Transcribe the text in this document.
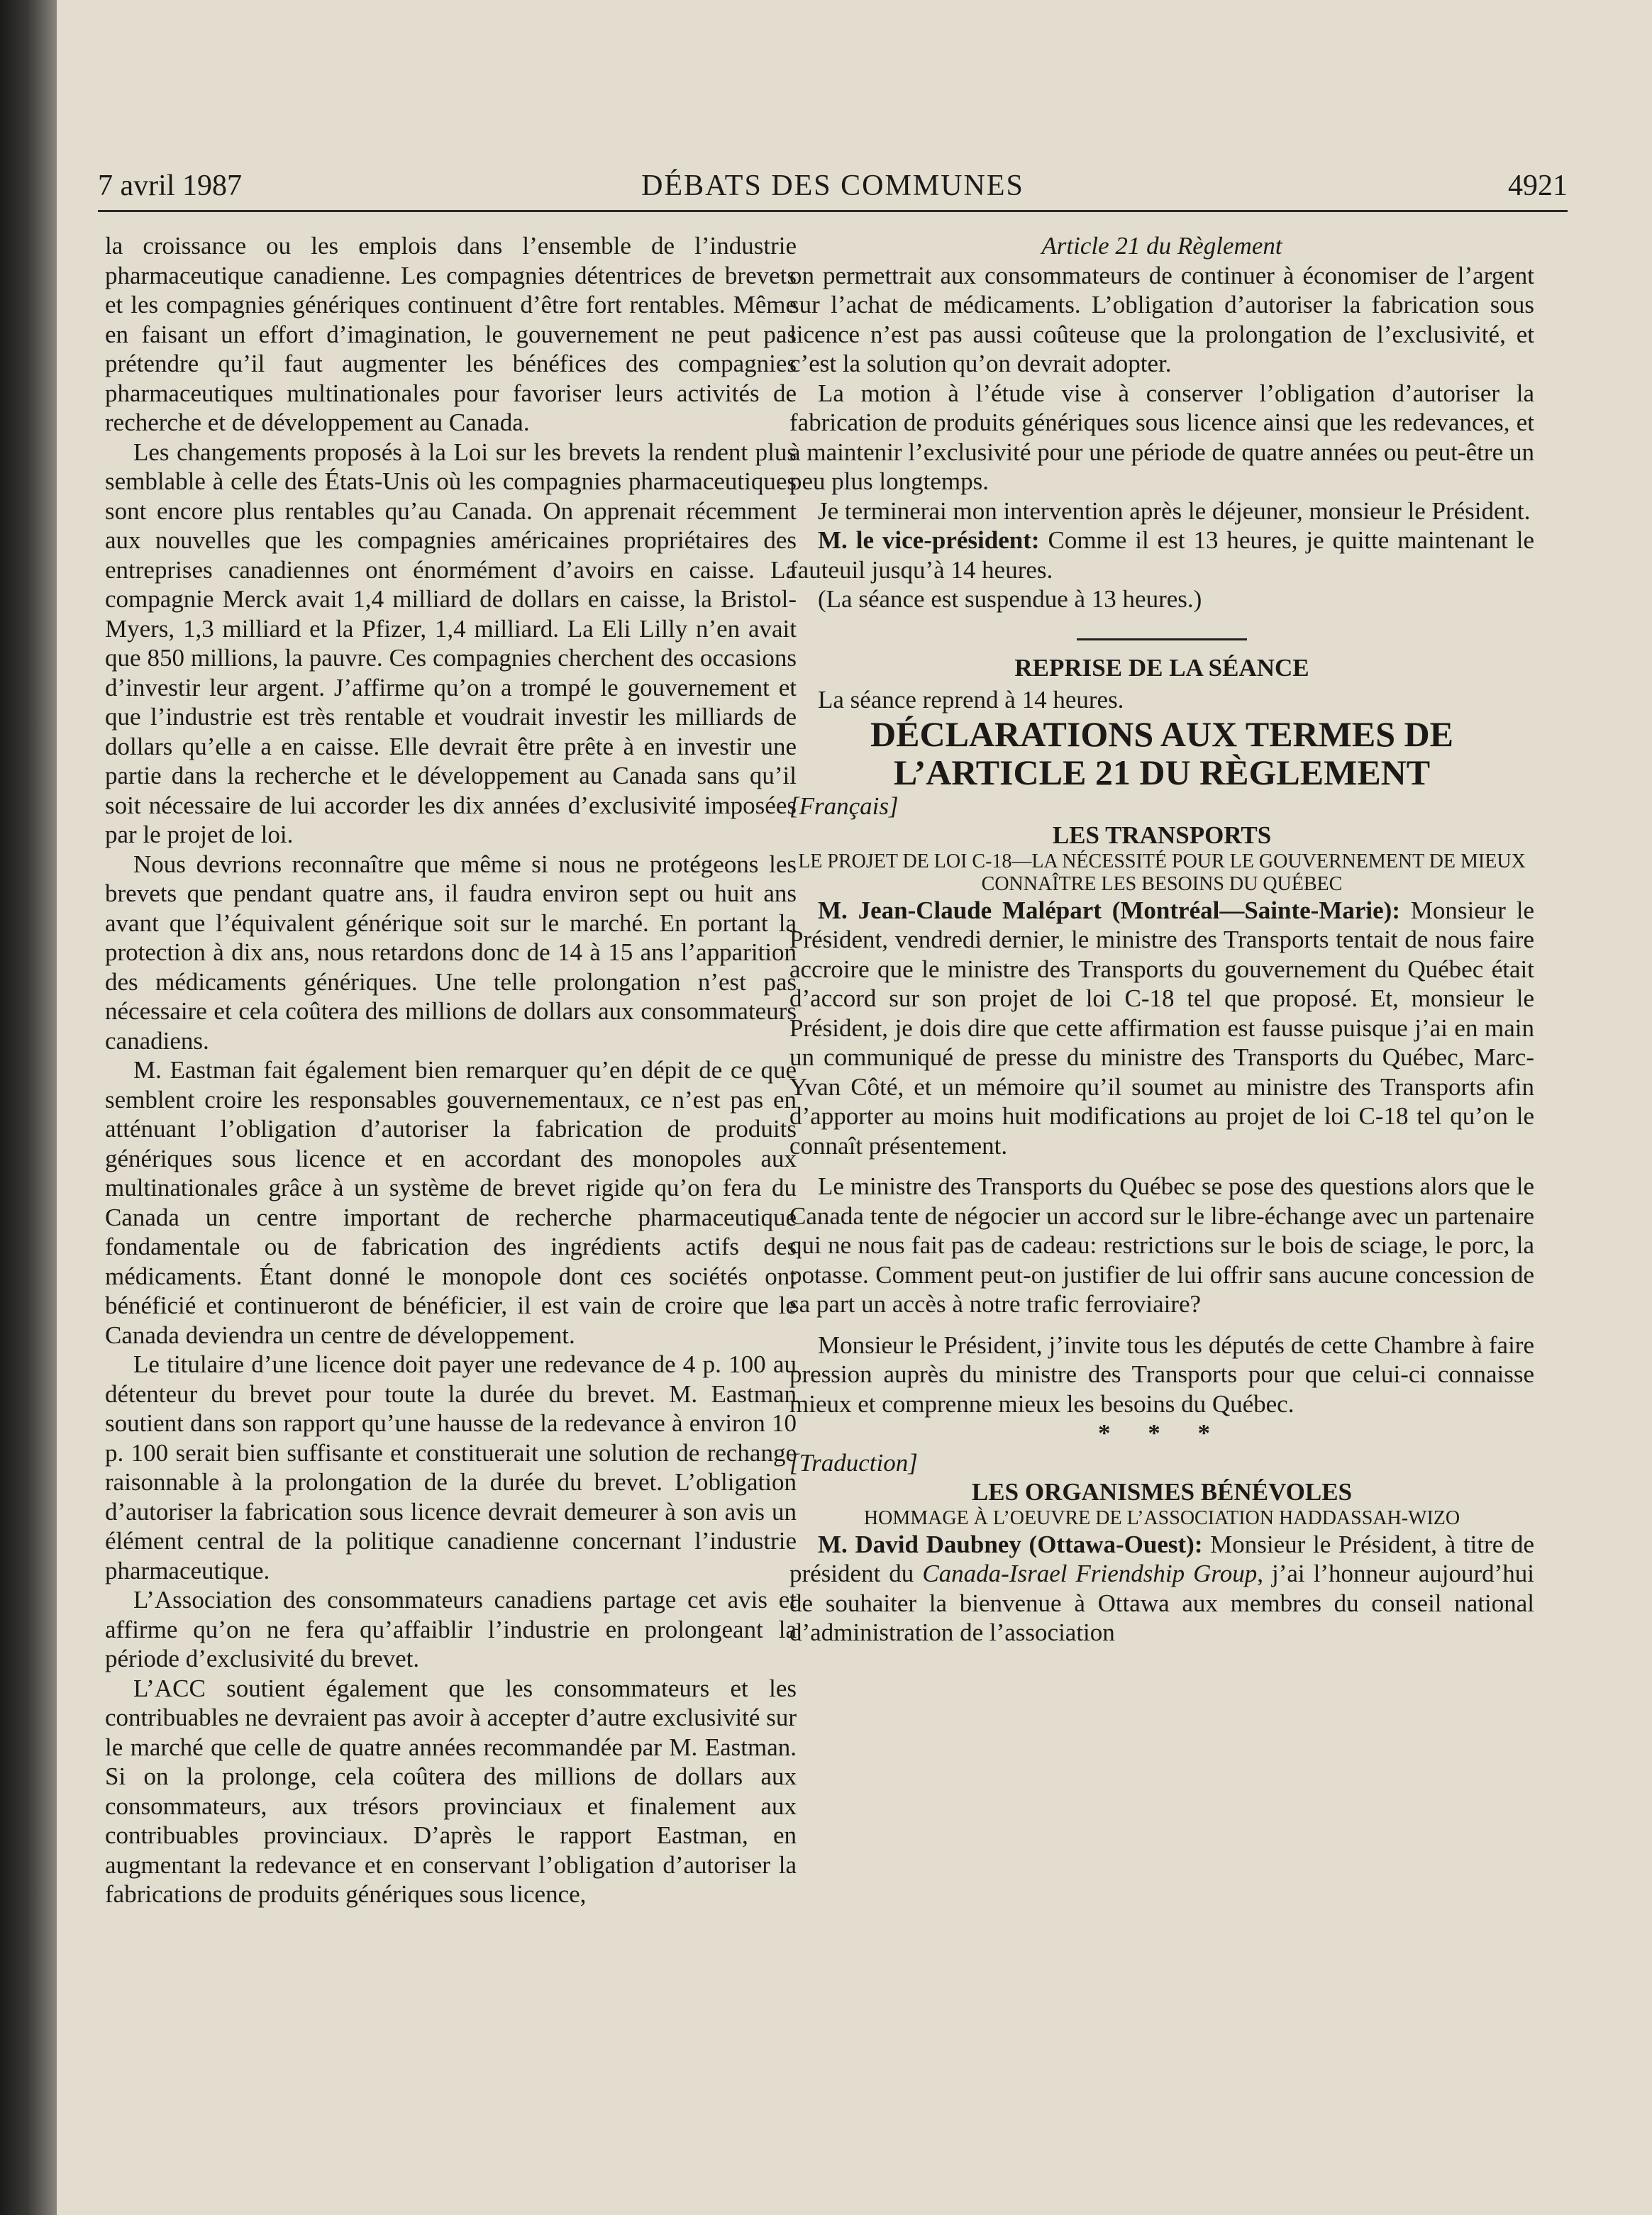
7 avril 1987	DÉBATS DES COMMUNES	4921

la croissance ou les emplois dans l’ensemble de l’industrie pharmaceutique canadienne. Les compagnies détentrices de brevets et les compagnies génériques continuent d’être fort rentables. Même en faisant un effort d’imagination, le gouvernement ne peut pas prétendre qu’il faut augmenter les bénéfices des compagnies pharmaceutiques multinationales pour favoriser leurs activités de recherche et de développement au Canada.

Les changements proposés à la Loi sur les brevets la rendent plus semblable à celle des États-Unis où les compagnies pharmaceutiques sont encore plus rentables qu’au Canada. On apprenait récemment aux nouvelles que les compagnies américaines propriétaires des entreprises canadiennes ont énormément d’avoirs en caisse. La compagnie Merck avait 1,4 milliard de dollars en caisse, la Bristol-Myers, 1,3 milliard et la Pfizer, 1,4 milliard. La Eli Lilly n’en avait que 850 millions, la pauvre. Ces compagnies cherchent des occasions d’investir leur argent. J’affirme qu’on a trompé le gouvernement et que l’industrie est très rentable et voudrait investir les milliards de dollars qu’elle a en caisse. Elle devrait être prête à en investir une partie dans la recherche et le développement au Canada sans qu’il soit nécessaire de lui accorder les dix années d’exclusivité imposées par le projet de loi.

Nous devrions reconnaître que même si nous ne protégeons les brevets que pendant quatre ans, il faudra environ sept ou huit ans avant que l’équivalent générique soit sur le marché. En portant la protection à dix ans, nous retardons donc de 14 à 15 ans l’apparition des médicaments génériques. Une telle prolongation n’est pas nécessaire et cela coûtera des millions de dollars aux consommateurs canadiens.

M. Eastman fait également bien remarquer qu’en dépit de ce que semblent croire les responsables gouvernementaux, ce n’est pas en atténuant l’obligation d’autoriser la fabrication de produits génériques sous licence et en accordant des monopoles aux multinationales grâce à un système de brevet rigide qu’on fera du Canada un centre important de recherche pharmaceutique fondamentale ou de fabrication des ingrédients actifs des médicaments. Étant donné le monopole dont ces sociétés ont bénéficié et continueront de bénéficier, il est vain de croire que le Canada deviendra un centre de développement.

Le titulaire d’une licence doit payer une redevance de 4 p. 100 au détenteur du brevet pour toute la durée du brevet. M. Eastman soutient dans son rapport qu’une hausse de la redevance à environ 10 p. 100 serait bien suffisante et constituerait une solution de rechange raisonnable à la prolongation de la durée du brevet. L’obligation d’autoriser la fabrication sous licence devrait demeurer à son avis un élément central de la politique canadienne concernant l’industrie pharmaceutique.

L’Association des consommateurs canadiens partage cet avis et affirme qu’on ne fera qu’affaiblir l’industrie en prolongeant la période d’exclusivité du brevet.

L’ACC soutient également que les consommateurs et les contribuables ne devraient pas avoir à accepter d’autre exclusivité sur le marché que celle de quatre années recommandée par M. Eastman. Si on la prolonge, cela coûtera des millions de dollars aux consommateurs, aux trésors provinciaux et finalement aux contribuables provinciaux. D’après le rapport Eastman, en augmentant la redevance et en conservant l’obligation d’autoriser la fabrications de produits génériques sous licence,

Article 21 du Règlement

on permettrait aux consommateurs de continuer à économiser de l’argent sur l’achat de médicaments. L’obligation d’autoriser la fabrication sous licence n’est pas aussi coûteuse que la prolongation de l’exclusivité, et c’est la solution qu’on devrait adopter.

La motion à l’étude vise à conserver l’obligation d’autoriser la fabrication de produits génériques sous licence ainsi que les redevances, et à maintenir l’exclusivité pour une période de quatre années ou peut-être un peu plus longtemps.

Je terminerai mon intervention après le déjeuner, monsieur le Président.

M. le vice-président: Comme il est 13 heures, je quitte maintenant le fauteuil jusqu’à 14 heures.

(La séance est suspendue à 13 heures.)

REPRISE DE LA SÉANCE

La séance reprend à 14 heures.

DÉCLARATIONS AUX TERMES DE
L’ARTICLE 21 DU RÈGLEMENT

[Français]

LES TRANSPORTS

LE PROJET DE LOI C-18—LA NÉCESSITÉ POUR LE GOUVERNEMENT DE MIEUX CONNAÎTRE LES BESOINS DU QUÉBEC

M. Jean-Claude Malépart (Montréal—Sainte-Marie): Monsieur le Président, vendredi dernier, le ministre des Transports tentait de nous faire accroire que le ministre des Transports du gouvernement du Québec était d’accord sur son projet de loi C-18 tel que proposé. Et, monsieur le Président, je dois dire que cette affirmation est fausse puisque j’ai en main un communiqué de presse du ministre des Transports du Québec, Marc-Yvan Côté, et un mémoire qu’il soumet au ministre des Transports afin d’apporter au moins huit modifications au projet de loi C-18 tel qu’on le connaît présentement.

Le ministre des Transports du Québec se pose des questions alors que le Canada tente de négocier un accord sur le libre-échange avec un partenaire qui ne nous fait pas de cadeau: restrictions sur le bois de sciage, le porc, la potasse. Comment peut-on justifier de lui offrir sans aucune concession de sa part un accès à notre trafic ferroviaire?

Monsieur le Président, j’invite tous les députés de cette Chambre à faire pression auprès du ministre des Transports pour que celui-ci connaisse mieux et comprenne mieux les besoins du Québec.

* * *

[Traduction]

LES ORGANISMES BÉNÉVOLES

HOMMAGE À L’OEUVRE DE L’ASSOCIATION HADDASSAH-WIZO

M. David Daubney (Ottawa-Ouest): Monsieur le Président, à titre de président du Canada-Israel Friendship Group, j’ai l’honneur aujourd’hui de souhaiter la bienvenue à Ottawa aux membres du conseil national d’administration de l’association
